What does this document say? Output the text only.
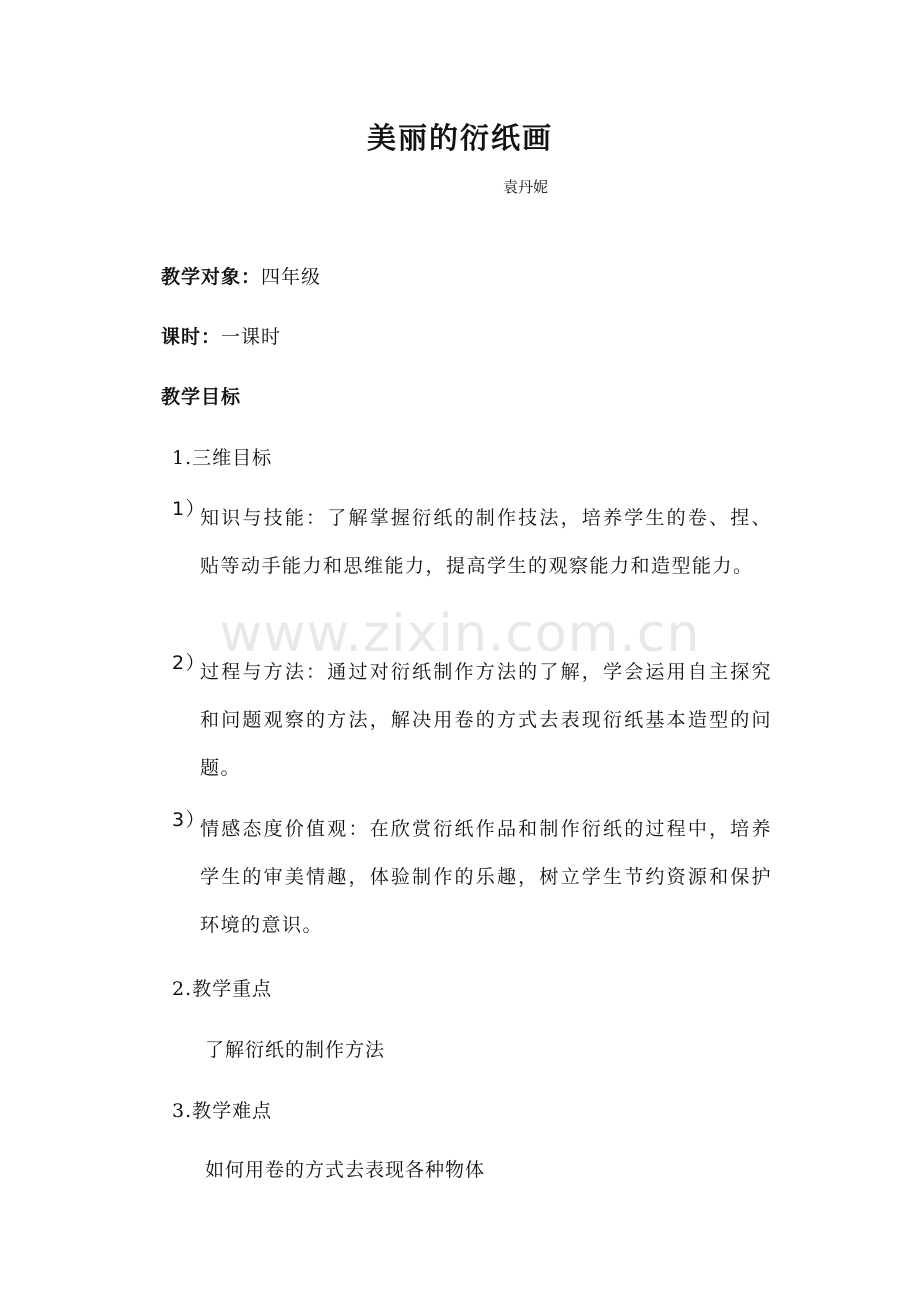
美丽的衍纸画
袁丹妮
教学对象：四年级
课时：一课时
教学目标
1.三维目标
1）
知识与技能：了解掌握衍纸的制作技法，培养学生的卷、捏、贴等动手能力和思维能力，提高学生的观察能力和造型能力。
2）
过程与方法：通过对衍纸制作方法的了解，学会运用自主探究和问题观察的方法，解决用卷的方式去表现衍纸基本造型的问题。
3）
情感态度价值观：在欣赏衍纸作品和制作衍纸的过程中，培养学生的审美情趣，体验制作的乐趣，树立学生节约资源和保护环境的意识。
2.教学重点
了解衍纸的制作方法
3.教学难点
如何用卷的方式去表现各种物体
www.zixin.com.cn
